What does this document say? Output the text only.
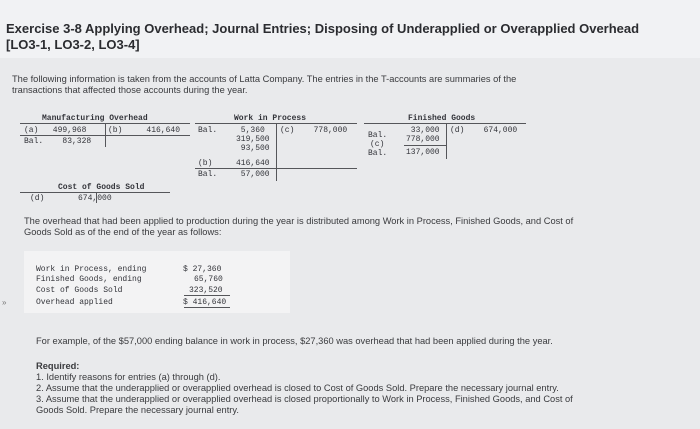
Exercise 3-8 Applying Overhead; Journal Entries; Disposing of Underapplied or Overapplied Overhead
[LO3-1, LO3-2, LO3-4]
The following information is taken from the accounts of Latta Company. The entries in the T-accounts are summaries of the
transactions that affected those accounts during the year.
Manufacturing Overhead
(a)   499,968	(b)     416,640
Bal.    83,328
Work in Process
Bal. 5,360
319,500
93,500
(b)	416,640
Bal. 57,000
(c)    778,000
Finished Goods
Bal.
(c)
Bal.
33,000
778,000
137,000
(d)    674,000
Cost of Goods Sold
(d)       674,000
The overhead that had been applied to production during the year is distributed among Work in Process, Finished Goods, and Cost of
Goods Sold as of the end of the year as follows:
Work in Process, ending
Finished Goods, ending
Cost of Goods Sold
Overhead applied
$ 27,360
65,760
323,520
$ 416,640
»
For example, of the $57,000 ending balance in work in process, $27,360 was overhead that had been applied during the year.
Required:
1. Identify reasons for entries (a) through (d).
2. Assume that the underapplied or overapplied overhead is closed to Cost of Goods Sold. Prepare the necessary journal entry.
3. Assume that the underapplied or overapplied overhead is closed proportionally to Work in Process, Finished Goods, and Cost of
Goods Sold. Prepare the necessary journal entry.
